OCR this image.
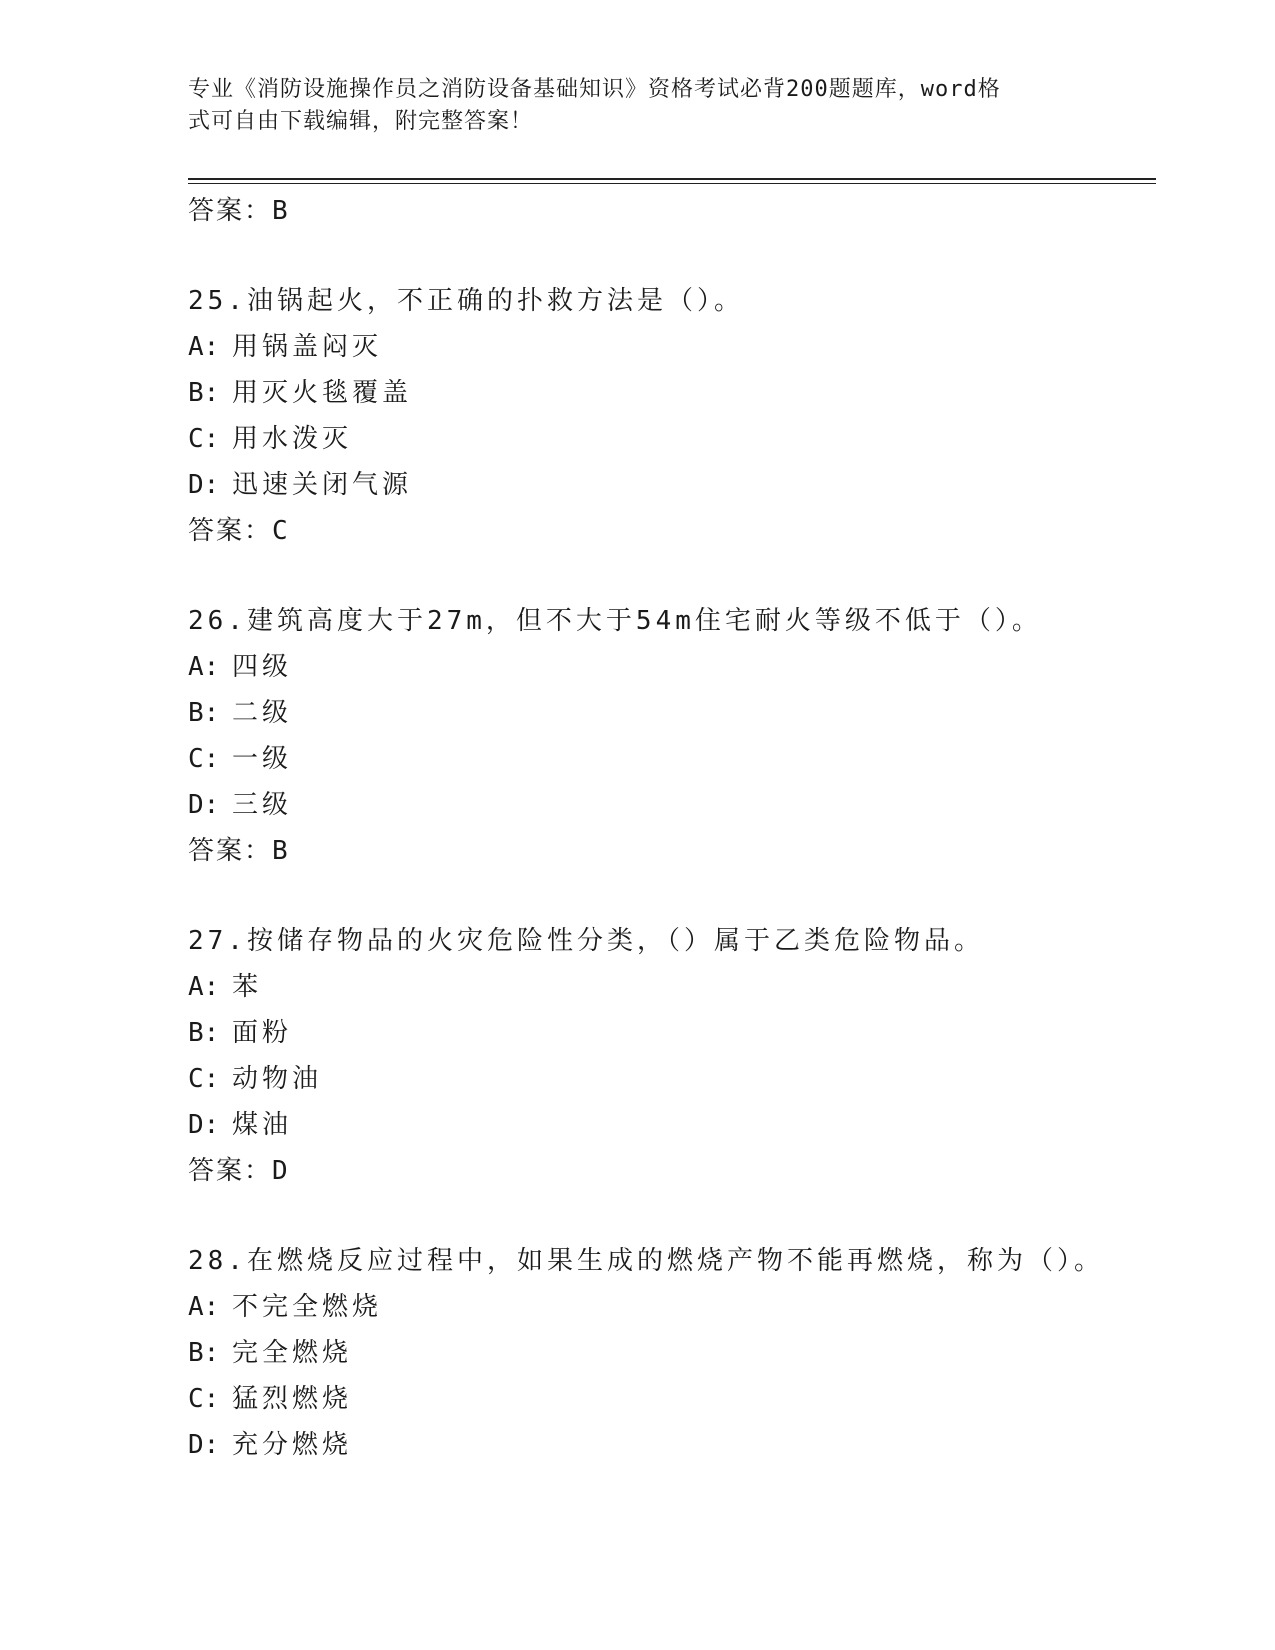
专业《消防设施操作员之消防设备基础知识》资格考试必背200题题库，word格
式可自由下载编辑，附完整答案！
答案：B
25.油锅起火，不正确的扑救方法是（）。
A: 用锅盖闷灭
B: 用灭火毯覆盖
C: 用水泼灭
D: 迅速关闭气源
答案：C
26.建筑高度大于27m，但不大于54m住宅耐火等级不低于（）。
A: 四级
B: 二级
C: 一级
D: 三级
答案：B
27.按储存物品的火灾危险性分类，（）属于乙类危险物品。
A: 苯
B: 面粉
C: 动物油
D: 煤油
答案：D
28.在燃烧反应过程中，如果生成的燃烧产物不能再燃烧，称为（）。
A: 不完全燃烧
B: 完全燃烧
C: 猛烈燃烧
D: 充分燃烧
